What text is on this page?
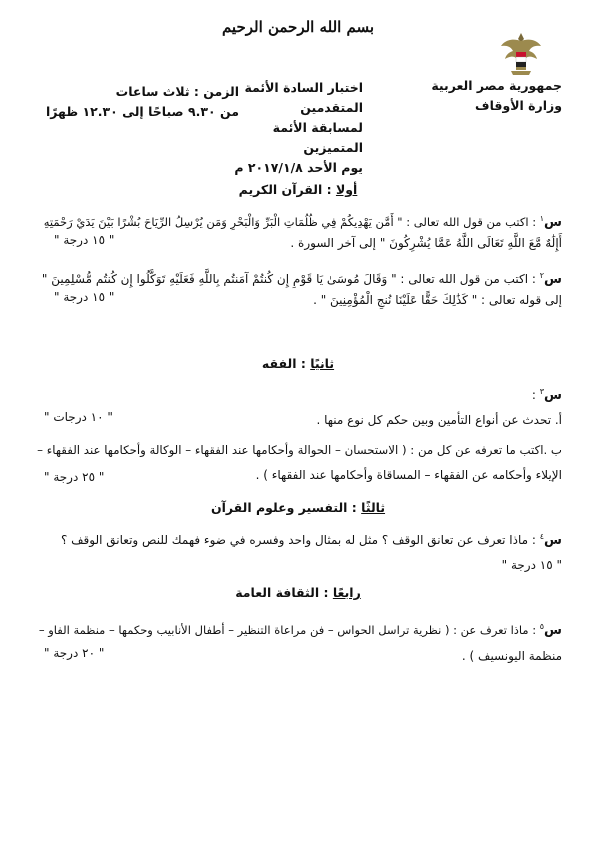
بسم الله الرحمن الرحيم
جمهورية مصر العربية
وزارة الأوقاف
اختبار السادة الأئمة المتقدمين
لمسابقة الأئمة المتميزين
يوم الأحد ٢٠١٧/١/٨ م
الزمن : ثلاث ساعات
من ٩.٣٠ صباحًا إلى ١٢.٣٠ ظهرًا
أولا : القرآن الكريم
س$^١$ : اكتب من قول الله تعالى : " أَمَّن يَهْدِيكُمْ فِي ظُلُمَاتِ الْبَرِّ وَالْبَحْرِ وَمَن يُرْسِلُ الرِّيَاحَ بُشْرًا بَيْنَ يَدَيْ رَحْمَتِهِ
أَإِلَٰهٌ مَّعَ اللَّهِ تَعَالَى اللَّهُ عَمَّا يُشْرِكُونَ " إلى آخر السورة .
" ١٥ درجة "
س$^٢$ : اكتب من قول الله تعالى : " وَقَالَ مُوسَىٰ يَا قَوْمِ إِن كُنتُمْ آمَنتُم بِاللَّهِ فَعَلَيْهِ تَوَكَّلُوا إِن كُنتُم مُّسْلِمِينَ "
إلى قوله تعالى : " كَذَٰلِكَ حَقًّا عَلَيْنَا نُنجِ الْمُؤْمِنِينَ " .
" ١٥ درجة "
ثانيًا : الفقه
س$^٣$ :
أ. تحدث عن أنواع التأمين وبين حكم كل نوع منها .
" ١٠ درجات "
ب .اكتب ما تعرفه عن كل من : ( الاستحسان – الحوالة وأحكامها عند الفقهاء – الوكالة وأحكامها عند الفقهاء –
الإيلاء وأحكامه عن الفقهاء – المساقاة وأحكامها عند الفقهاء ) .
" ٢٥ درجة "
ثالثًا : التفسير وعلوم القرآن
س$^٤$ : ماذا تعرف عن تعانق الوقف ؟ مثل له بمثال واحد وفسره في ضوء فهمك للنص وتعانق الوقف ؟
" ١٥ درجة "
رابعًا : الثقافة العامة
س$^٥$ : ماذا تعرف عن : ( نظرية تراسل الحواس – فن مراعاة التنظير – أطفال الأنابيب وحكمها – منظمة الفاو –
منظمة اليونسيف ) .
" ٢٠ درجة "
